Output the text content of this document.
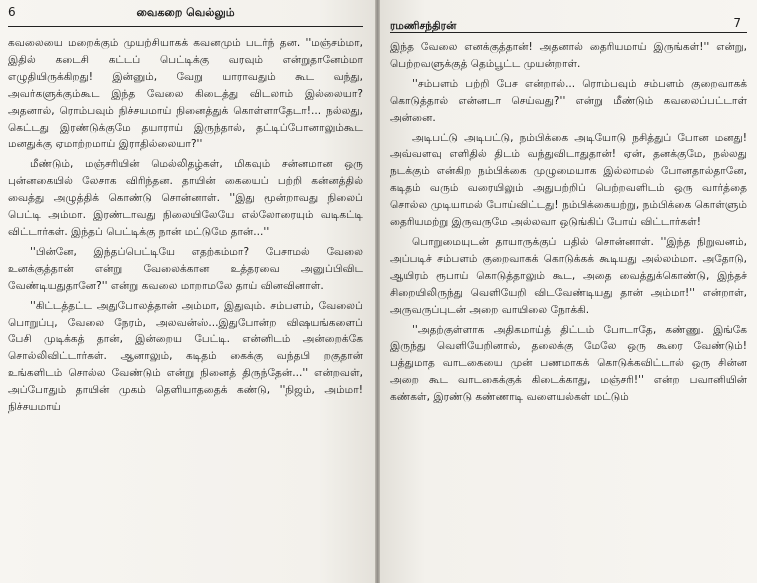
6	வைகறை வெல்லும்

கவலையை மறைக்கும் முயற்சியாகக் கவனமும் படர்ந் தன. ''மஞ்சம்மா, இதில் கடைசி கட்டப் பெட்டிக்கு வரவும் என்றுதானேம்மா எழுதியிருக்கிறது! இன்னும், வேறு யாராவதும் கூட வந்து, அவர்களுக்கும்கூட இந்த வேலை கிடைத்து விடலாம் இல்லையா? அதனால், ரொம்பவும் நிச்சயமாய் நினைத்துக் கொள்ளாதேடா!... நல்லது, கெட்டது இரண்டுக்குமே தயாராய் இருந்தால், தட்டிப்போனாலும்கூட மனதுக்கு ஏமாற்றமாய் இராதில்லையா?''

மீண்டும், மஞ்சரியின் மெல்லிதழ்கள், மிகவும் சன்னமான ஒரு புன்னகையில் லேசாக விரிந்தன. தாயின் கையைப் பற்றி கன்னத்தில் வைத்து அழுத்திக் கொண்டு சொன்னாள். ''இது மூன்றாவது நிலைப் பெட்டி அம்மா. இரண்டாவது நிலையிலேயே எல்லோரையும் வடிகட்டி விட்டார்கள். இந்தப் பெட்டிக்கு நான் மட்டுமே தான்...''

''பின்னே, இந்தப்பெட்டியே எதற்கம்மா? பேசாமல் வேலை உனக்குத்தான் என்று வேலைக்கான உத்தரவை அனுப்பிவிட வேண்டியதுதானே?'' என்று கவலை மாறாமலே தாய் வினவினாள்.

''கிட்டத்தட்ட அதுபோலத்தான் அம்மா, இதுவும். சம்பளம், வேலைப் பொறுப்பு, வேலை நேரம், அலவன்ஸ்...இதுபோன்ற விஷயங்களைப் பேசி முடிக்கத் தான், இன்றைய பேட்டி. என்னிடம் அன்றைக்கே சொல்லிவிட்டார்கள். ஆனாலும், கடிதம் கைக்கு வந்தபி றகுதான் உங்களிடம் சொல்ல வேண்டும் என்று நினைத் திருந்தேன்...'' என்றவள், அப்போதும் தாயின் முகம் தெளியாததைக் கண்டு, ''நிஜம், அம்மா! நிச்சயமாய்

ரமணிசந்திரன்	7

இந்த வேலை எனக்குத்தான்! அதனால் தைரியமாய் இருங்கள்!'' என்று, பெற்றவளுக்குத் தெம்பூட்ட முயன்றாள்.

''சம்பளம் பற்றி பேச என்றால்... ரொம்பவும் சம்பளம் குறைவாகக் கொடுத்தால் என்னடா செய்வது?'' என்று மீண்டும் கவலைப்பட்டாள் அன்னை.

அடிபட்டு அடிபட்டு, நம்பிக்கை அடியோடு நசித்துப் போன மனது! அவ்வளவு எளிதில் திடம் வந்துவிடாதுதான்! ஏன், தனக்குமே, நல்லது நடக்கும் என்கிற நம்பிக்கை முழுமையாக இல்லாமல் போனதால்தானே, கடிதம் வரும் வரையிலும் அதுபற்றிப் பெற்றவளிடம் ஒரு வார்த்தை சொல்ல முடியாமல் போய்விட்டது! நம்பிக்கையற்று, நம்பிக்கை கொள்ளும் தைரியமற்று இருவருமே அல்லவா ஒடுங்கிப் போய் விட்டார்கள்!

பொறுமையுடன் தாயாருக்குப் பதில் சொன்னாள். ''இந்த நிறுவனம், அப்படிச் சம்பளம் குறைவாகக் கொடுக்கக் கூடியது அல்லம்மா. அதோடு, ஆயிரம் ரூபாய் கொடுத்தாலும் கூட, அதை வைத்துக்கொண்டு, இந்தச் சிறையிலிருந்து வெளியேறி விடவேண்டியது தான் அம்மா!'' என்றாள், அருவருப்புடன் அறை வாயிலை நோக்கி.

''அதற்குள்ளாக அதிகமாய்த் திட்டம் போடாதே, கண்ணு. இங்கே இருந்து வெளியேறினால், தலைக்கு மேலே ஒரு கூரை வேண்டும்! பத்துமாத வாடகையை முன் பணமாகக் கொடுக்கவிட்டால் ஒரு சின்ன அறை கூட வாடகைக்குக் கிடைக்காது, மஞ்சரி!'' என்ற பவானியின் கண்கள், இரண்டு கண்ணாடி வளையல்கள் மட்டும்
